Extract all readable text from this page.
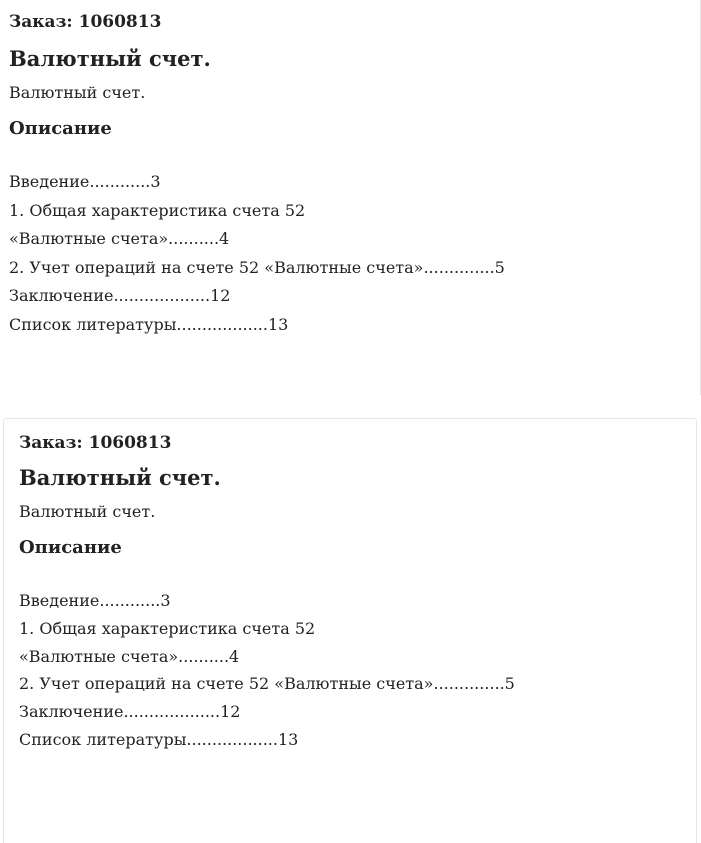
Заказ: 1060813

Валютный счет.

Валютный счет.

Описание
Введение............3
1. Общая характеристика счета 52
«Валютные счета»..........4
2. Учет операций на счете 52 «Валютные счета»..............5
Заключение...................12
Список литературы..................13

Заказ: 1060813

Валютный счет.

Валютный счет.

Описание
Введение............3
1. Общая характеристика счета 52
«Валютные счета»..........4
2. Учет операций на счете 52 «Валютные счета»..............5
Заключение...................12
Список литературы..................13
